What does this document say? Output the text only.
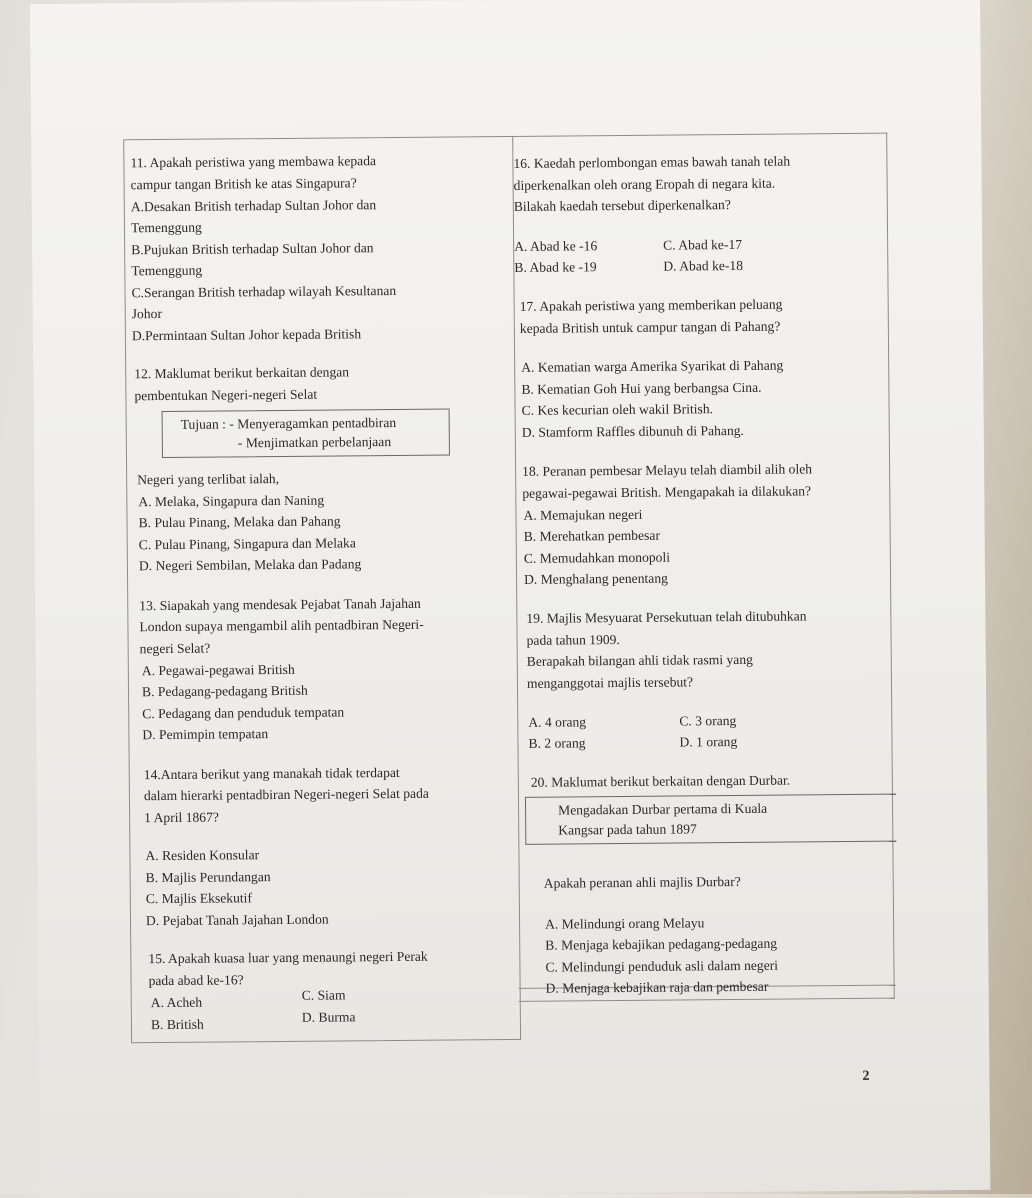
11. Apakah peristiwa yang membawa kepada
campur tangan British ke atas Singapura?
A.Desakan British terhadap Sultan Johor dan
Temenggung
B.Pujukan British terhadap Sultan Johor dan
Temenggung
C.Serangan British terhadap wilayah Kesultanan
Johor
D.Permintaan Sultan Johor kepada British
12. Maklumat berikut berkaitan dengan
pembentukan Negeri-negeri Selat
Tujuan : - Menyeragamkan pentadbiran
- Menjimatkan perbelanjaan
Negeri yang terlibat ialah,
A. Melaka, Singapura dan Naning
B. Pulau Pinang, Melaka dan Pahang
C. Pulau Pinang, Singapura dan Melaka
D. Negeri Sembilan, Melaka dan Padang
13. Siapakah yang mendesak Pejabat Tanah Jajahan
London supaya mengambil alih pentadbiran Negeri-
negeri Selat?
A. Pegawai-pegawai British
B. Pedagang-pedagang British
C. Pedagang dan penduduk tempatan
D. Pemimpin tempatan
14.Antara berikut yang manakah tidak terdapat
dalam hierarki pentadbiran Negeri-negeri Selat pada
1 April 1867?
A. Residen Konsular
B. Majlis Perundangan
C. Majlis Eksekutif
D. Pejabat Tanah Jajahan London
15. Apakah kuasa luar yang menaungi negeri Perak
pada abad ke-16?
A. Acheh
B. British
C. Siam
D. Burma
16. Kaedah perlombongan emas bawah tanah telah
diperkenalkan oleh orang Eropah di negara kita.
Bilakah kaedah tersebut diperkenalkan?
A. Abad ke -16
B. Abad ke -19
C. Abad ke-17
D. Abad ke-18
17. Apakah peristiwa yang memberikan peluang
kepada British untuk campur tangan di Pahang?
A. Kematian warga Amerika Syarikat di Pahang
B. Kematian Goh Hui yang berbangsa Cina.
C. Kes kecurian oleh wakil British.
D. Stamform Raffles dibunuh di Pahang.
18. Peranan pembesar Melayu telah diambil alih oleh
pegawai-pegawai British. Mengapakah ia dilakukan?
A. Memajukan negeri
B. Merehatkan pembesar
C. Memudahkan monopoli
D. Menghalang penentang
19. Majlis Mesyuarat Persekutuan telah ditubuhkan
pada tahun 1909.
Berapakah bilangan ahli tidak rasmi yang
menganggotai majlis tersebut?
A. 4 orang
B. 2 orang
C. 3 orang
D. 1 orang
20. Maklumat berikut berkaitan dengan Durbar.
Mengadakan Durbar pertama di Kuala
Kangsar pada tahun 1897
Apakah peranan ahli majlis Durbar?
A. Melindungi orang Melayu
B. Menjaga kebajikan pedagang-pedagang
C. Melindungi penduduk asli dalam negeri
D. Menjaga kebajikan raja dan pembesar
2
